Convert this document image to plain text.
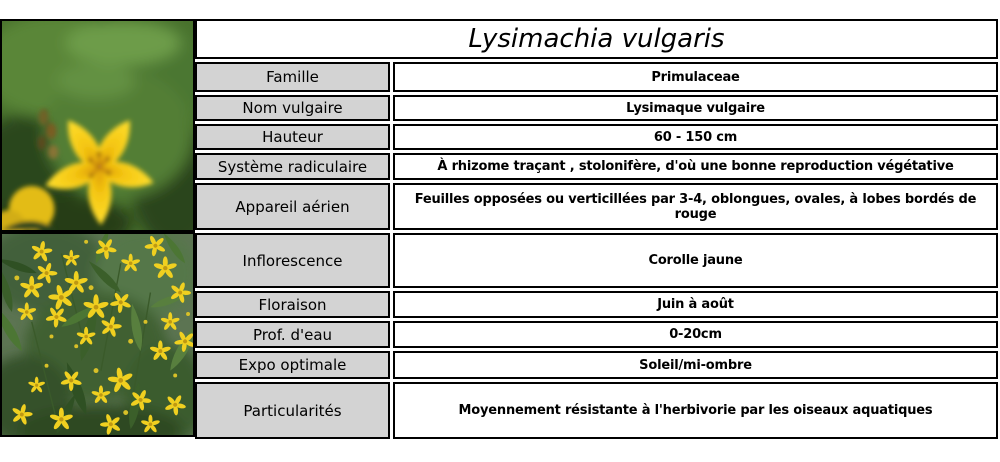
Lysimachia vulgaris
Famille	Primulaceae
Nom vulgaire	Lysimaque vulgaire
Hauteur	60 - 150 cm
Système radiculaire	À rhizome traçant , stolonifère, d'où une bonne reproduction végétative
Appareil aérien	Feuilles opposées ou verticillées par 3-4, oblongues, ovales, à lobes bordés de rouge
Inflorescence	Corolle jaune
Floraison	Juin à août
Prof. d'eau	0-20cm
Expo optimale	Soleil/mi-ombre
Particularités	Moyennement résistante à l'herbivorie par les oiseaux aquatiques
